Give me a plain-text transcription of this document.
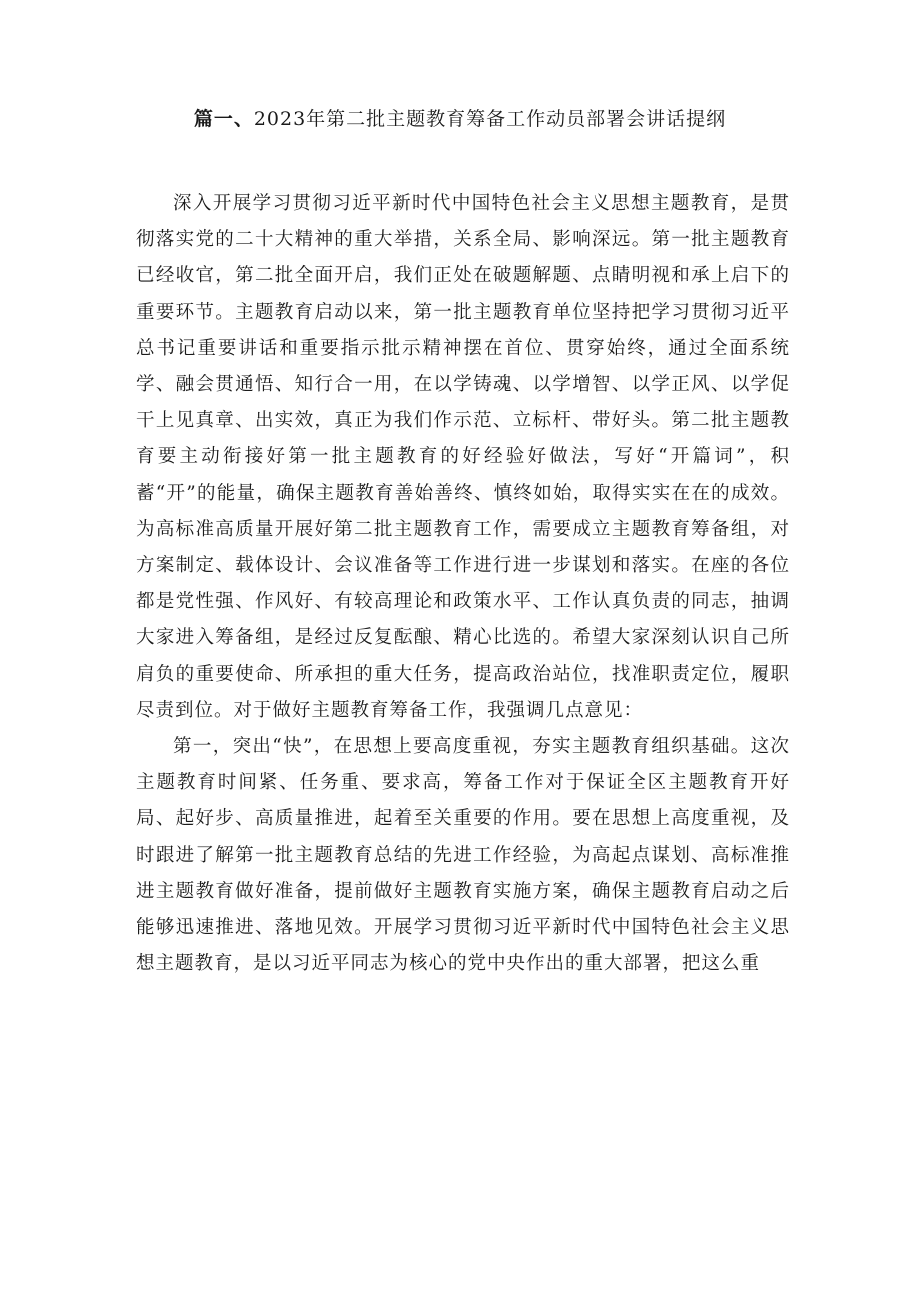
篇一、2023年第二批主题教育筹备工作动员部署会讲话提纲

深入开展学习贯彻习近平新时代中国特色社会主义思想主题教育，是贯彻落实党的二十大精神的重大举措，关系全局、影响深远。第一批主题教育已经收官，第二批全面开启，我们正处在破题解题、点睛明视和承上启下的重要环节。主题教育启动以来，第一批主题教育单位坚持把学习贯彻习近平总书记重要讲话和重要指示批示精神摆在首位、贯穿始终，通过全面系统学、融会贯通悟、知行合一用，在以学铸魂、以学增智、以学正风、以学促干上见真章、出实效，真正为我们作示范、立标杆、带好头。第二批主题教育要主动衔接好第一批主题教育的好经验好做法，写好“开篇词”，积蓄“开”的能量，确保主题教育善始善终、慎终如始，取得实实在在的成效。为高标准高质量开展好第二批主题教育工作，需要成立主题教育筹备组，对方案制定、载体设计、会议准备等工作进行进一步谋划和落实。在座的各位都是党性强、作风好、有较高理论和政策水平、工作认真负责的同志，抽调大家进入筹备组，是经过反复酝酿、精心比选的。希望大家深刻认识自己所肩负的重要使命、所承担的重大任务，提高政治站位，找准职责定位，履职尽责到位。对于做好主题教育筹备工作，我强调几点意见：

第一，突出“快”，在思想上要高度重视，夯实主题教育组织基础。这次主题教育时间紧、任务重、要求高，筹备工作对于保证全区主题教育开好局、起好步、高质量推进，起着至关重要的作用。要在思想上高度重视，及时跟进了解第一批主题教育总结的先进工作经验，为高起点谋划、高标准推进主题教育做好准备，提前做好主题教育实施方案，确保主题教育启动之后能够迅速推进、落地见效。开展学习贯彻习近平新时代中国特色社会主义思想主题教育，是以习近平同志为核心的党中央作出的重大部署，把这么重
